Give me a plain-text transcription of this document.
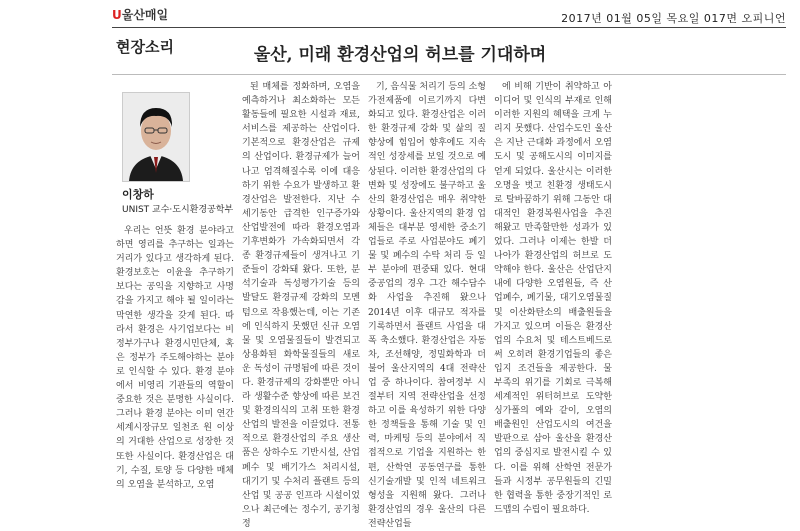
U울산매일	2017년 01월 05일 목요일 017면 오피니언
현장소리	울산, 미래 환경산업의 허브를 기대하며
이창하
UNIST 교수·도시환경공학부

우리는 언뜻 환경 분야라고 하면 영리를 추구하는 일과는 거리가 있다고 생각하게 된다. 환경보호는 이윤을 추구하기보다는 공익을 지향하고 사명감을 가지고 해야 될 일이라는 막연한 생각을 갖게 된다. 따라서 환경은 사기업보다는 비정부가구나 환경시민단체, 혹은 정부가 주도해야하는 분야로 인식할 수 있다. 환경 분야에서 비영리 기관들의 역할이 중요한 것은 분명한 사실이다. 그러나 환경 분야는 이미 연간 세계시장규모 일천조 원 이상의 거대한 산업으로 성장한 것 또한 사실이다. 환경산업은 대기, 수질, 토양 등 다양한 매체의 오염을 분석하고, 오염

된 매체를 정화하며, 오염을 예측하거나 최소화하는 모든 활동들에 필요한 시설과 재료, 서비스를 제공하는 산업이다. 기본적으로 환경산업은 규제의 산업이다. 환경규제가 늘어나고 엄격해질수록 이에 대응하기 위한 수요가 발생하고 환경산업은 발전한다. 지난 수 세기동안 급격한 인구증가와 산업발전에 따라 환경오염과 기후변화가 가속화되면서 각종 환경규제들이 생겨나고 기준들이 강화돼 왔다. 또한, 분석기술과 독성평가기술 등의 발달도 환경규제 강화의 모멘텀으로 작용했는데, 이는 기존에 인식하지 못했던 신규 오염물 및 오염물질들이 발견되고 상용화된 화학물질들의 새로운 독성이 규명됨에 따른 것이다. 환경규제의 강화뿐만 아니라 생활수준 향상에 따른 보건 및 환경의식의 고취 또한 환경산업의 발전을 이끌었다. 전통적으로 환경산업의 주요 생산품은 상하수도 기반시설, 산업폐수 및 배기가스 처리시설, 대기기 및 수처리 플랜트 등의 산업 및 공공 인프라 시설이었으나 최근에는 정수기, 공기청정

기, 음식물 처리기 등의 소형 가전제품에 이르기까지 다변화되고 있다. 환경산업은 이러한 환경규제 강화 및 삶의 질 향상에 힘입어 향후에도 지속적인 성장세를 보일 것으로 예상된다. 이러한 환경산업의 다변화 및 성장에도 불구하고 울산의 환경산업은 매우 취약한 상황이다. 울산지역의 환경 업체들은 대부분 영세한 중소기업들로 주로 사업분야도 폐기물 및 폐수의 수탁 처리 등 일부 분야에 편중돼 있다. 현대중공업의 경우 그간 해수담수화 사업을 추진해 왔으나 2014년 이후 대규모 적자를 기록하면서 플랜트 사업을 대폭 축소했다. 환경산업은 자동차, 조선해양, 정밀화학과 더불어 울산지역의 4대 전략산업 중 하나이다. 참여정부 시절부터 지역 전략산업을 선정하고 이를 육성하기 위한 다양한 정책들을 통해 기술 및 인력, 마케팅 등의 분야에서 직접적으로 기업을 지원하는 한편, 산학연 공동연구를 통한 신기술개발 및 인적 네트워크 형성을 지원해 왔다. 그러나 환경산업의 경우 울산의 다른 전략산업들

에 비해 기반이 취약하고 아이디어 및 인식의 부재로 인해 이러한 지원의 혜택을 크게 누리지 못했다. 산업수도인 울산은 지난 근대화 과정에서 오염도시 및 공해도시의 이미지를 얻게 되었다. 울산시는 이러한 오명을 벗고 친환경 생태도시로 탈바꿈하기 위해 그동안 대대적인 환경복원사업을 추진해왔고 만족할만한 성과가 있었다. 그러나 이제는 한발 더 나아가 환경산업의 허브로 도약해야 한다. 울산은 산업단지 내에 다양한 오염원들, 즉 산업폐수, 폐기물, 대기오염물질 및 이산화탄소의 배출원들을 가지고 있으며 이들은 환경산업의 수요처 및 테스트베드로써 오히려 환경기업들의 좋은 입지 조건들을 제공한다. 물 부족의 위기를 기회로 극복해 세계적인 위터허브로 도약한 싱가폴의 예와 같이, 오염의 배출원인 산업도시의 여건을 발판으로 삼아 울산을 환경산업의 중심지로 발전시킬 수 있다. 이를 위해 산학연 전문가들과 시정부 공무원들의 긴밀한 협력을 통한 중장기적인 로드맵의 수립이 필요하다.
